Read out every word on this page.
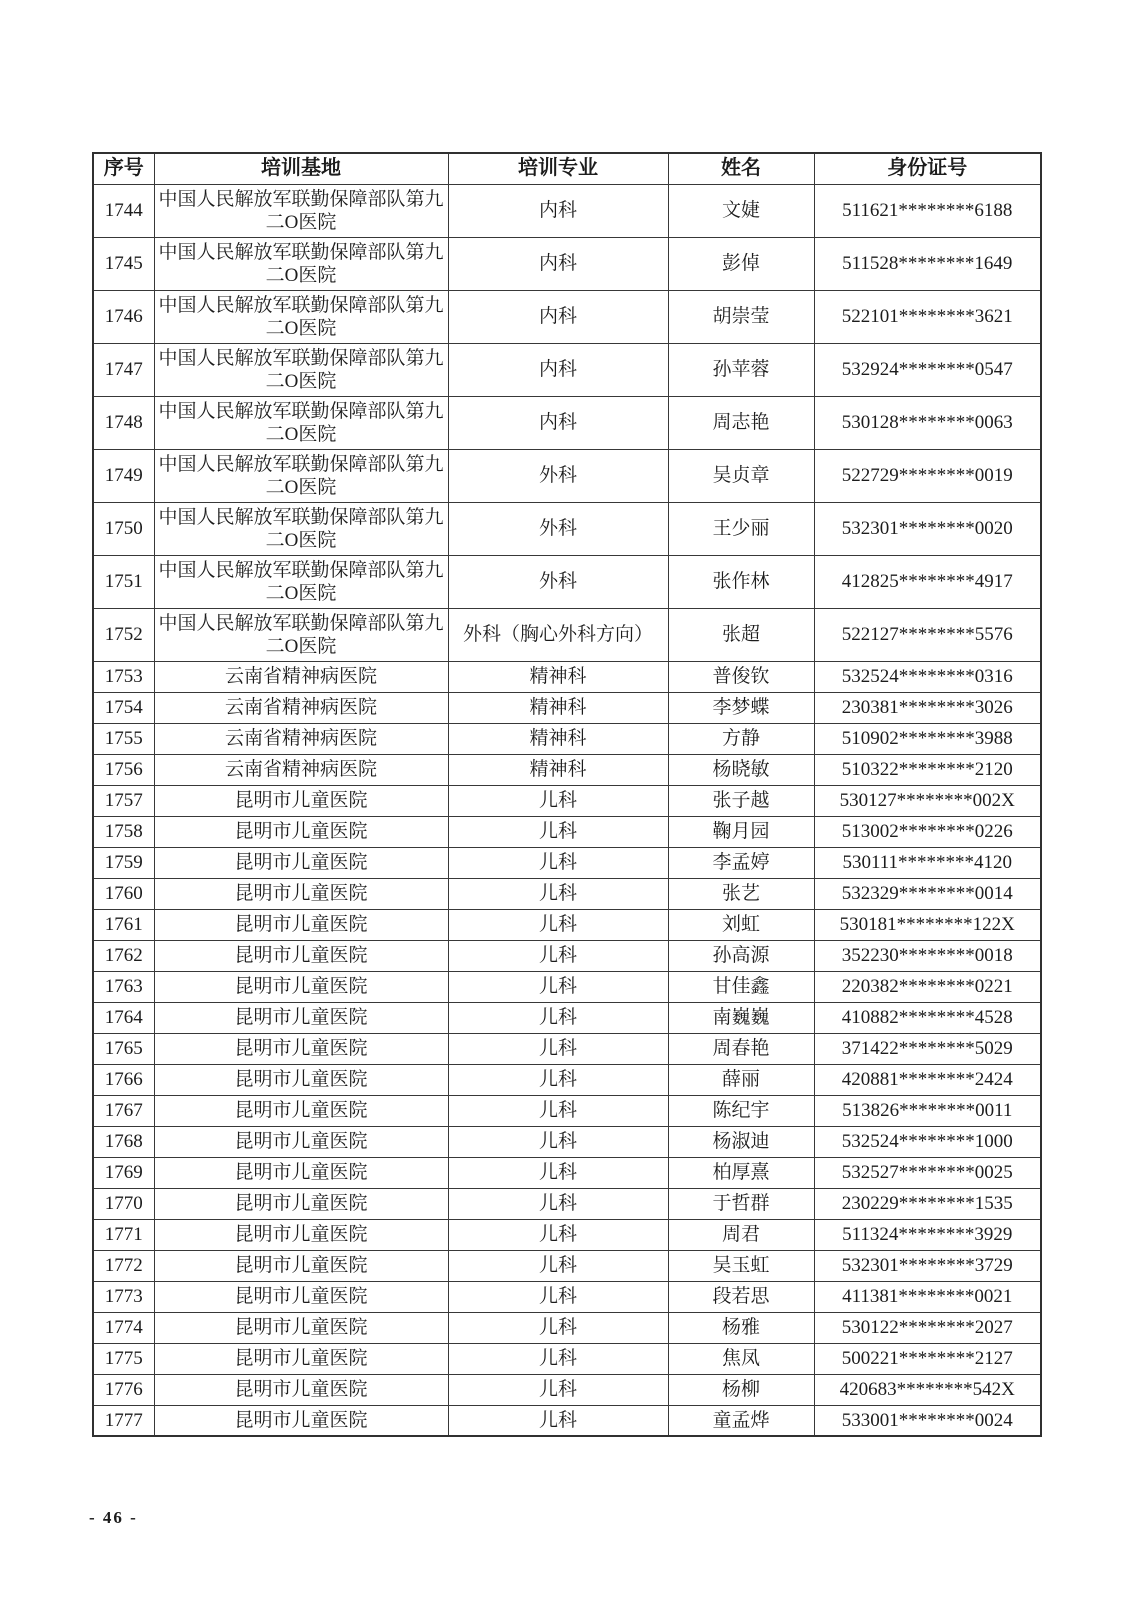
序号	培训基地	培训专业	姓名	身份证号
1744	中国人民解放军联勤保障部队第九二O医院	内科	文婕	511621********6188
1745	中国人民解放军联勤保障部队第九二O医院	内科	彭倬	511528********1649
1746	中国人民解放军联勤保障部队第九二O医院	内科	胡崇莹	522101********3621
1747	中国人民解放军联勤保障部队第九二O医院	内科	孙苹蓉	532924********0547
1748	中国人民解放军联勤保障部队第九二O医院	内科	周志艳	530128********0063
1749	中国人民解放军联勤保障部队第九二O医院	外科	吴贞章	522729********0019
1750	中国人民解放军联勤保障部队第九二O医院	外科	王少丽	532301********0020
1751	中国人民解放军联勤保障部队第九二O医院	外科	张作林	412825********4917
1752	中国人民解放军联勤保障部队第九二O医院	外科（胸心外科方向）	张超	522127********5576
1753	云南省精神病医院	精神科	普俊钦	532524********0316
1754	云南省精神病医院	精神科	李梦蝶	230381********3026
1755	云南省精神病医院	精神科	方静	510902********3988
1756	云南省精神病医院	精神科	杨晓敏	510322********2120
1757	昆明市儿童医院	儿科	张子越	530127********002X
1758	昆明市儿童医院	儿科	鞠月园	513002********0226
1759	昆明市儿童医院	儿科	李孟婷	530111********4120
1760	昆明市儿童医院	儿科	张艺	532329********0014
1761	昆明市儿童医院	儿科	刘虹	530181********122X
1762	昆明市儿童医院	儿科	孙高源	352230********0018
1763	昆明市儿童医院	儿科	甘佳鑫	220382********0221
1764	昆明市儿童医院	儿科	南巍巍	410882********4528
1765	昆明市儿童医院	儿科	周春艳	371422********5029
1766	昆明市儿童医院	儿科	薛丽	420881********2424
1767	昆明市儿童医院	儿科	陈纪宇	513826********0011
1768	昆明市儿童医院	儿科	杨淑迪	532524********1000
1769	昆明市儿童医院	儿科	柏厚熹	532527********0025
1770	昆明市儿童医院	儿科	于哲群	230229********1535
1771	昆明市儿童医院	儿科	周君	511324********3929
1772	昆明市儿童医院	儿科	吴玉虹	532301********3729
1773	昆明市儿童医院	儿科	段若思	411381********0021
1774	昆明市儿童医院	儿科	杨雅	530122********2027
1775	昆明市儿童医院	儿科	焦凤	500221********2127
1776	昆明市儿童医院	儿科	杨柳	420683********542X
1777	昆明市儿童医院	儿科	童孟烨	533001********0024
- 46 -
